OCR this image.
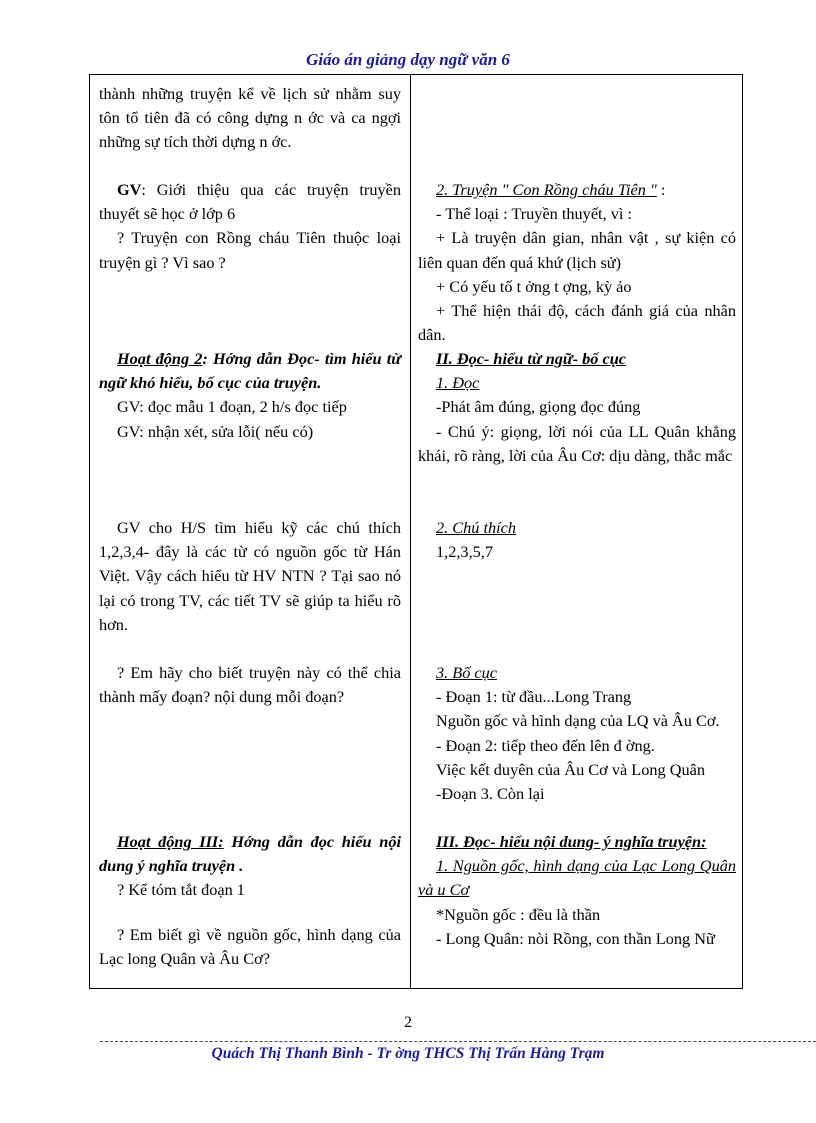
Giáo án giảng dạy ngữ văn 6

thành những truyện kể về lịch sử nhằm suy tôn tổ tiên đã có công dựng n ớc và ca ngợi những sự tích thời dựng n ớc.

GV: Giới thiệu qua các truyện truyền thuyết sẽ học ở lớp 6

? Truyện con Rồng cháu Tiên thuộc loại truyện gì ? Vì sao ?

Hoạt động 2: Hớng dẫn Đọc- tìm hiểu từ ngữ khó hiểu, bố cục của truyện.

GV: đọc mẫu 1 đoạn, 2 h/s đọc tiếp

GV: nhận xét, sửa lỗi( nếu có)

GV cho H/S tìm hiểu kỹ các chú thích 1,2,3,4- đây là các từ có nguồn gốc từ Hán Việt. Vậy cách hiểu từ HV NTN ? Tại sao nó lại có trong TV, các tiết TV sẽ giúp ta hiểu rõ hơn.

? Em hãy cho biết truyện này có thể chia thành mấy đoạn? nội dung mỗi đoạn?

Hoạt động III: Hớng dẫn đọc hiểu nội dung ý nghĩa truyện .

? Kể tóm tắt đoạn 1

? Em biết gì về nguồn gốc, hình dạng của Lạc long Quân và Âu Cơ?

2. Truyện " Con Rồng cháu Tiên " :

- Thể loại : Truyền thuyết, vì :

+ Là truyện dân gian, nhân vật , sự kiện có liên quan đến quá khứ (lịch sử)

+ Có yếu tố t ởng t ợng, kỳ ảo

+ Thể hiện thái độ, cách đánh giá của nhân dân.

II. Đọc- hiểu từ ngữ- bố cục

1. Đọc

-Phát âm đúng, giọng đọc đúng

- Chú ý: giọng, lời nói của LL Quân khẳng khái, rõ ràng, lời của Âu Cơ: dịu dàng, thắc mắc

2. Chú thích

1,2,3,5,7

3. Bố cục

- Đoạn 1: từ đầu...Long Trang

Nguồn gốc và hình dạng của LQ và Âu Cơ.

- Đoạn 2: tiếp theo đến lên đ ờng.

Việc kết duyên của Âu Cơ và Long Quân

-Đoạn 3. Còn lại

III. Đọc- hiểu nội dung- ý nghĩa truyện:

1. Nguồn gốc, hình dạng của Lạc Long Quân và u Cơ

*Nguồn gốc : đều là thần

- Long Quân: nòi Rồng, con thần Long Nữ

2
Quách Thị Thanh Bình - Tr ờng THCS Thị Trấn Hàng Trạm
